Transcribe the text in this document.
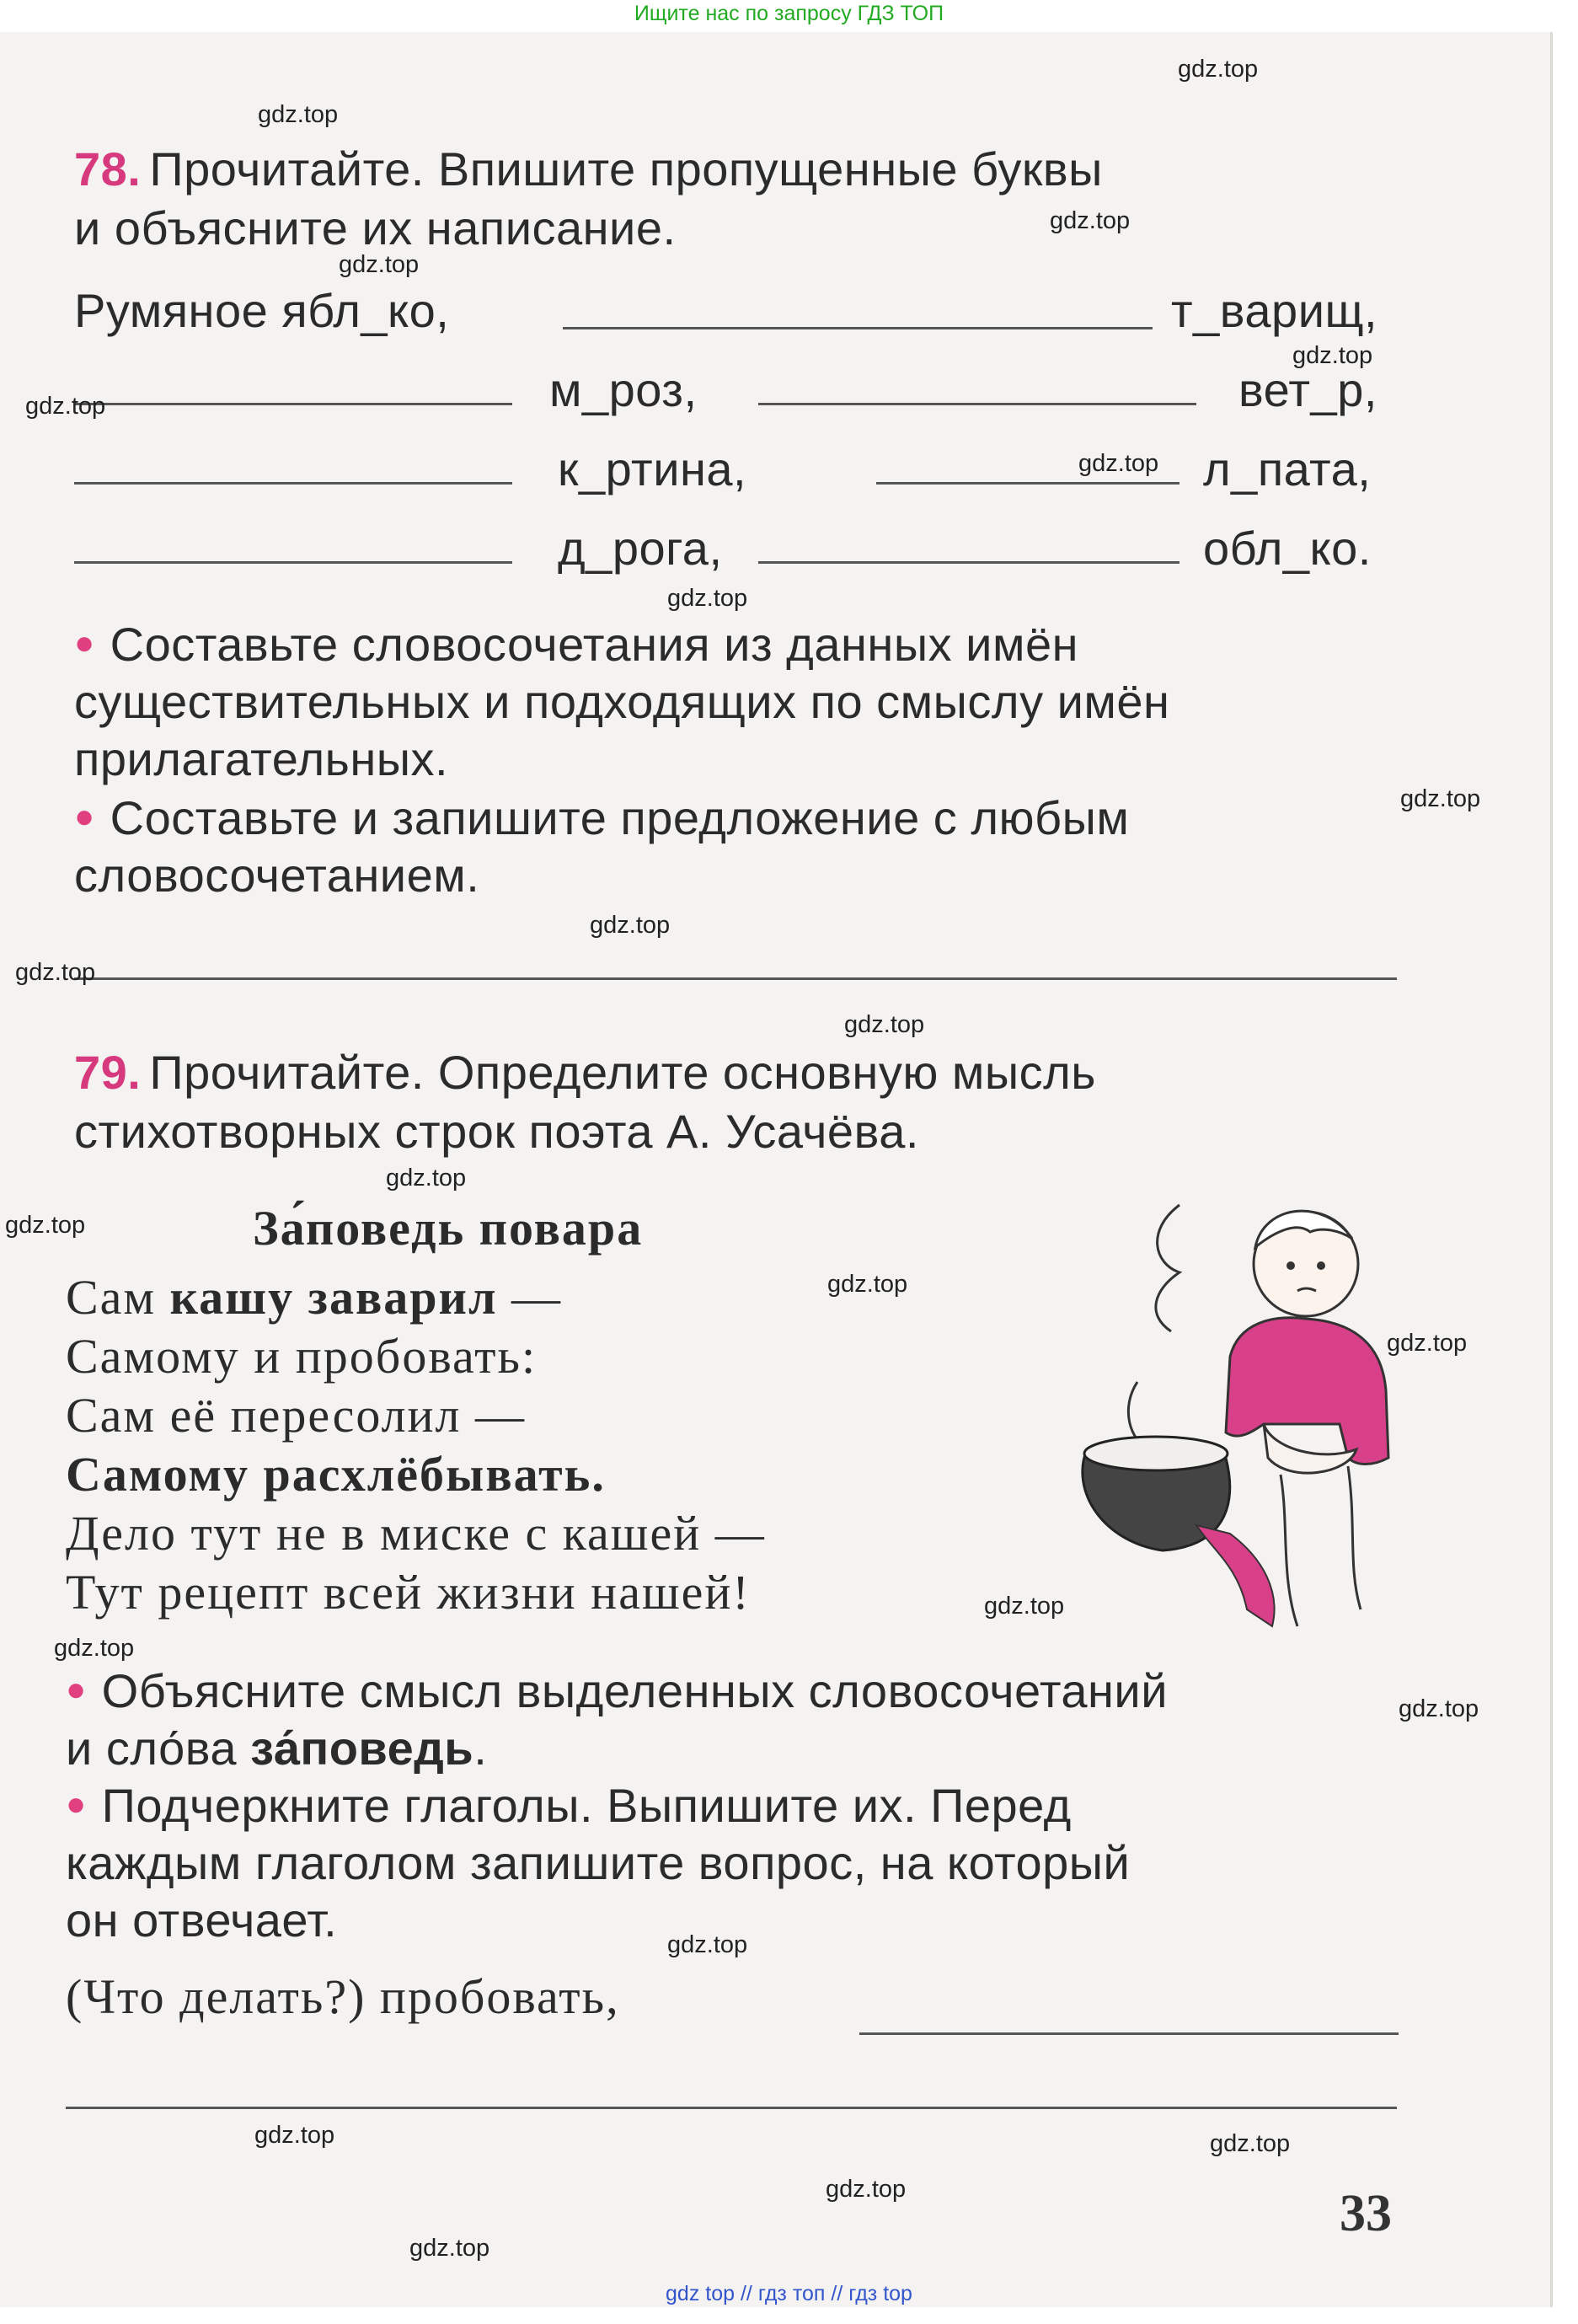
Ищите нас по запросу ГДЗ ТОП
78. Прочитайте. Впишите пропущенные буквы
и объясните их написание.
Румяное ябл_ко,	т_варищ,
м_роз,	вет_р,
к_ртина,	л_пата,
д_рога,	обл_ко.
● Составьте словосочетания из данных имён
существительных и подходящих по смыслу имён
прилагательных.
● Составьте и запишите предложение с любым
словосочетанием.
79. Прочитайте. Определите основную мысль
стихотворных строк поэта А. Усачёва.
За́поведь повара
Сам кашу заварил —
Самому и пробовать:
Сам её пересолил —
Самому расхлёбывать.
Дело тут не в миске с кашей —
Тут рецепт всей жизни нашей!
● Объясните смысл выделенных словосочетаний
и сло́ва за́поведь.
● Подчеркните глаголы. Выпишите их. Перед
каждым глаголом запишите вопрос, на который
он отвечает.
(Что делать?) пробовать,
33
gdz.top
gdz.top
gdz.top
gdz.top
gdz.top
gdz.top
gdz.top
gdz.top
gdz.top
gdz.top
gdz.top
gdz.top
gdz.top
gdz.top
gdz.top
gdz.top
gdz.top
gdz.top
gdz.top
gdz.top
gdz.top	gdz.top
gdz.top
gdz.top
gdz top // гдз топ // гдз top
